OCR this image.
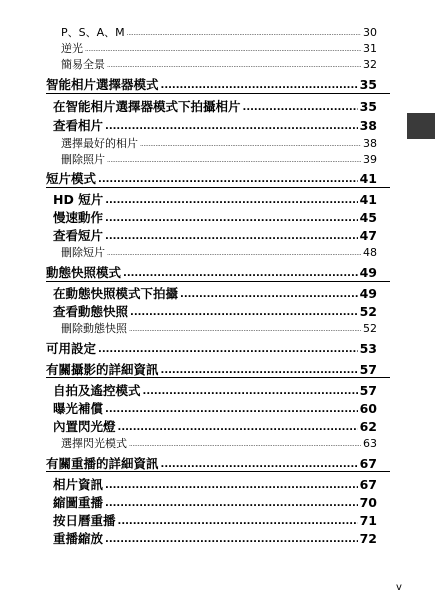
P、S、A、M .....	30
逆光 .....	31
簡易全景 .....	32
智能相片選擇器模式 .....	35
在智能相片選擇器模式下拍攝相片 .....	35
查看相片 .....	38
選擇最好的相片 .....	38
刪除照片 .....	39
短片模式 .....	41
HD 短片 .....	41
慢速動作 .....	45
查看短片 .....	47
刪除短片 .....	48
動態快照模式 .....	49
在動態快照模式下拍攝 .....	49
查看動態快照 .....	52
刪除動態快照 .....	52
可用設定 .....	53
有關攝影的詳細資訊 .....	57
自拍及遙控模式 .....	57
曝光補償 .....	60
內置閃光燈 .....	62
選擇閃光模式 .....	63
有關重播的詳細資訊 .....	67
相片資訊 .....	67
縮圖重播 .....	70
按日曆重播 .....	71
重播縮放 .....	72
v
